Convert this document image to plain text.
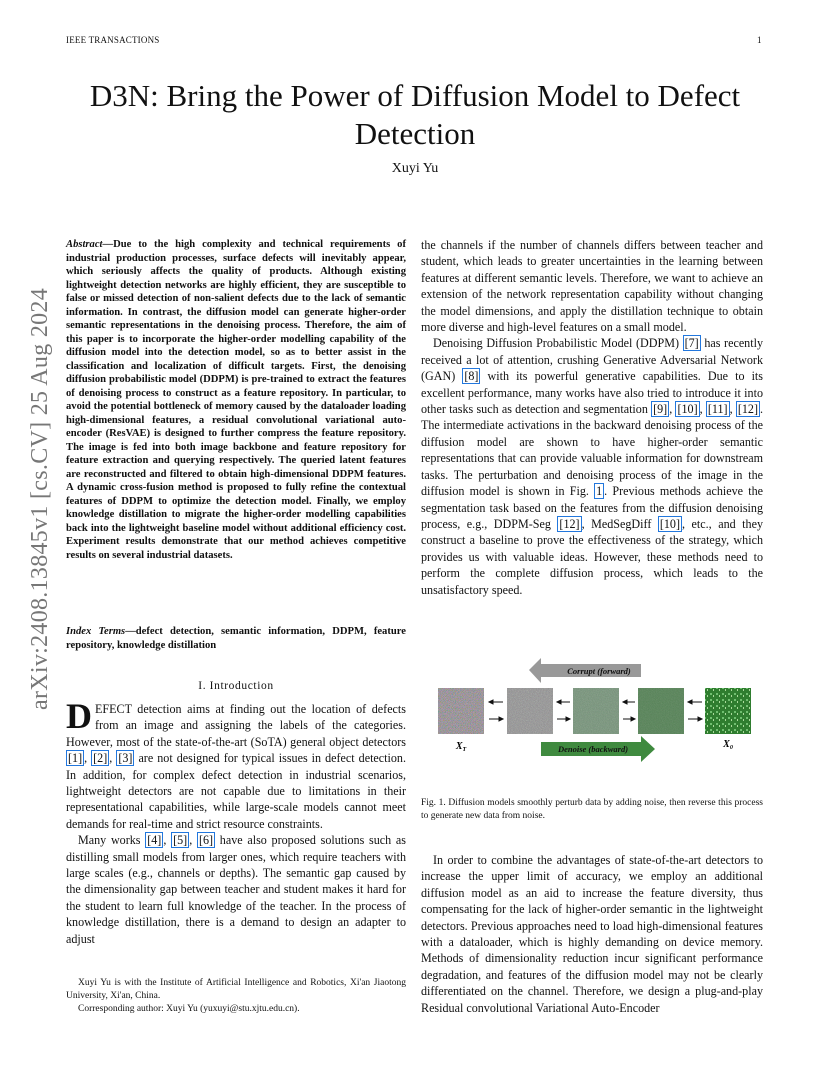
IEEE TRANSACTIONS	1
D3N: Bring the Power of Diffusion Model to Defect Detection
Xuyi Yu
arXiv:2408.13845v1 [cs.CV] 25 Aug 2024
Abstract—Due to the high complexity and technical requirements of industrial production processes, surface defects will inevitably appear, which seriously affects the quality of products. Although existing lightweight detection networks are highly efficient, they are susceptible to false or missed detection of non-salient defects due to the lack of semantic information. In contrast, the diffusion model can generate higher-order semantic representations in the denoising process. Therefore, the aim of this paper is to incorporate the higher-order modelling capability of the diffusion model into the detection model, so as to better assist in the classification and localization of difficult targets. First, the denoising diffusion probabilistic model (DDPM) is pre-trained to extract the features of denoising process to construct as a feature repository. In particular, to avoid the potential bottleneck of memory caused by the dataloader loading high-dimensional features, a residual convolutional variational auto-encoder (ResVAE) is designed to further compress the feature repository. The image is fed into both image backbone and feature repository for feature extraction and querying respectively. The queried latent features are reconstructed and filtered to obtain high-dimensional DDPM features. A dynamic cross-fusion method is proposed to fully refine the contextual features of DDPM to optimize the detection model. Finally, we employ knowledge distillation to migrate the higher-order modelling capabilities back into the lightweight baseline model without additional efficiency cost. Experiment results demonstrate that our method achieves competitive results on several industrial datasets.
Index Terms—defect detection, semantic information, DDPM, feature repository, knowledge distillation
I. Introduction

DEFECT detection aims at finding out the location of defects from an image and assigning the labels of the categories. However, most of the state-of-the-art (SoTA) general object detectors [1] , [2] , [3] are not designed for typical issues in defect detection. In addition, for complex defect detection in industrial scenarios, lightweight detectors are not capable due to limitations in their representational capabilities, while large-scale models cannot meet demands for real-time and strict resource constraints.

Many works [4] , [5] , [6] have also proposed solutions such as distilling small models from larger ones, which require teachers with large scales (e.g., channels or depths). The semantic gap caused by the dimensionality gap between teacher and student makes it hard for the student to learn full knowledge of the teacher. In the process of knowledge distillation, there is a demand to design an adapter to adjust

Xuyi Yu is with the Institute of Artificial Intelligence and Robotics, Xi'an Jiaotong University, Xi'an, China.

Corresponding author: Xuyi Yu (yuxuyi@stu.xjtu.edu.cn).

the channels if the number of channels differs between teacher and student, which leads to greater uncertainties in the learning between features at different semantic levels. Therefore, we want to achieve an extension of the network representation capability without changing the model dimensions, and apply the distillation technique to obtain more diverse and high-level features on a small model.

Denoising Diffusion Probabilistic Model (DDPM) [7] has recently received a lot of attention, crushing Generative Adversarial Network (GAN) [8] with its powerful generative capabilities. Due to its excellent performance, many works have also tried to introduce it into other tasks such as detection and segmentation [9] , [10] , [11] , [12] . The intermediate activations in the backward denoising process of the diffusion model are shown to have higher-order semantic representations that can provide valuable information for downstream tasks. The perturbation and denoising process of the image in the diffusion model is shown in Fig. 1 . Previous methods achieve the segmentation task based on the features from the diffusion denoising process, e.g., DDPM-Seg [12] , MedSegDiff [10] , etc., and they construct a baseline to prove the effectiveness of the strategy, which provides us with valuable ideas. However, these methods need to perform the complete diffusion process, which leads to the unsatisfactory speed.

Corrupt (forward)
$X_T$	$X_0$
Denoise (backward)
Fig. 1. Diffusion models smoothly perturb data by adding noise, then reverse this process to generate new data from noise.

In order to combine the advantages of state-of-the-art detectors to increase the upper limit of accuracy, we employ an additional diffusion model as an aid to increase the feature diversity, thus compensating for the lack of higher-order semantic in the lightweight detectors. Previous approaches need to load high-dimensional features with a dataloader, which is highly demanding on device memory. Methods of dimensionality reduction incur significant performance degradation, and features of the diffusion model may not be clearly differentiated on the channel. Therefore, we design a plug-and-play Residual convolutional Variational Auto-Encoder
